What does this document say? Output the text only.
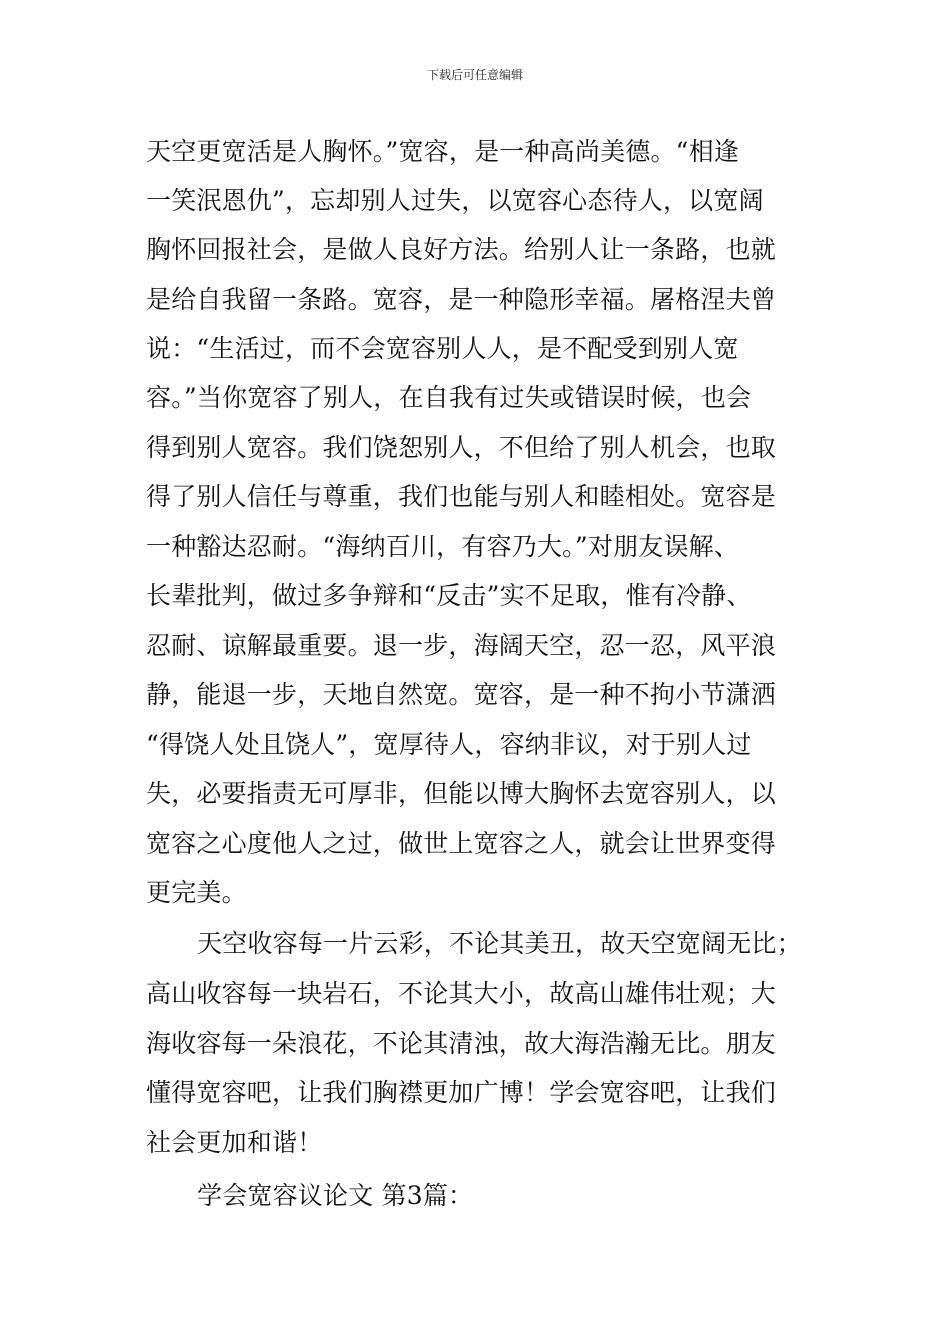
下载后可任意编辑
天空更宽活是人胸怀。”宽容，是一种高尚美德。“相逢
一笑泯恩仇”，忘却别人过失，以宽容心态待人，以宽阔
胸怀回报社会，是做人良好方法。给别人让一条路，也就
是给自我留一条路。宽容，是一种隐形幸福。屠格涅夫曾
说：“生活过，而不会宽容别人人，是不配受到别人宽
容。”当你宽容了别人，在自我有过失或错误时候，也会
得到别人宽容。我们饶恕别人，不但给了别人机会，也取
得了别人信任与尊重，我们也能与别人和睦相处。宽容是
一种豁达忍耐。“海纳百川，有容乃大。”对朋友误解、
长辈批判，做过多争辩和“反击”实不足取，惟有冷静、
忍耐、谅解最重要。退一步，海阔天空，忍一忍，风平浪
静，能退一步，天地自然宽。宽容，是一种不拘小节潇洒
“得饶人处且饶人”，宽厚待人，容纳非议，对于别人过
失，必要指责无可厚非，但能以博大胸怀去宽容别人，以
宽容之心度他人之过，做世上宽容之人，就会让世界变得
更完美。
天空收容每一片云彩，不论其美丑，故天空宽阔无比；
高山收容每一块岩石，不论其大小，故高山雄伟壮观；大
海收容每一朵浪花，不论其清浊，故大海浩瀚无比。朋友
懂得宽容吧，让我们胸襟更加广博！学会宽容吧，让我们
社会更加和谐！
学会宽容议论文 第3篇：
